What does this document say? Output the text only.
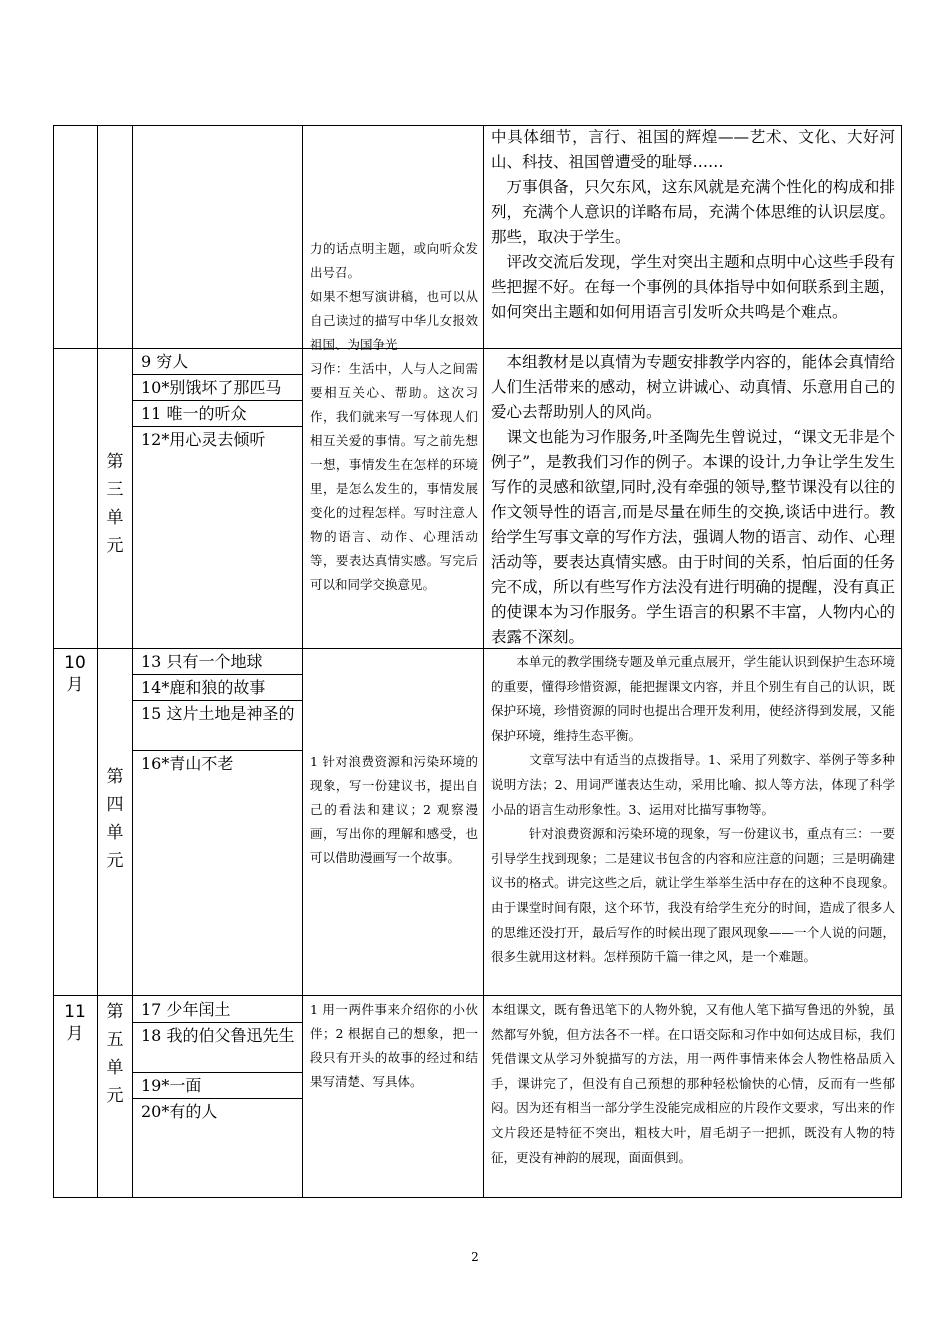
力的话点明主题，或向听众发出号召。
如果不想写演讲稿，也可以从自己读过的描写中华儿女报效祖国、为国争光

中具体细节，言行、祖国的辉煌——艺术、文化、大好河山、科技、祖国曾遭受的耻辱……

　万事俱备，只欠东风，这东风就是充满个性化的构成和排列，充满个人意识的详略布局，充满个体思维的认识层度。 那些，取决于学生。

　评改交流后发现，学生对突出主题和点明中心这些手段有些把握不好。在每一个事例的具体指导中如何联系到主题，如何突出主题和如何用语言引发听众共鸣是个难点。

10月
11月
第三单元
9 穷人
10*别饿坏了那匹马
11 唯一的听众
12*用心灵去倾听
习作：生活中，人与人之间需要相互关心、帮助。这次习作，我们就来写一写体现人们相互关爱的事情。写之前先想一想，事情发生在怎样的环境里，是怎么发生的，事情发展变化的过程怎样。写时注意人物的语言、动作、心理活动等，要表达真情实感。写完后可以和同学交换意见。

　本组教材是以真情为专题安排教学内容的，能体会真情给人们生活带来的感动，树立讲诚心、动真情、乐意用自己的爱心去帮助别人的风尚。

　课文也能为习作服务,叶圣陶先生曾说过，“课文无非是个例子”，是教我们习作的例子。本课的设计,力争让学生发生写作的灵感和欲望,同时,没有牵强的领导,整节课没有以往的作文领导性的语言,而是尽量在师生的交换,谈话中进行。教给学生写事文章的写作方法，强调人物的语言、动作、心理活动等，要表达真情实感。由于时间的关系，怕后面的任务完不成，所以有些写作方法没有进行明确的提醒，没有真正的使课本为习作服务。学生语言的积累不丰富，人物内心的表露不深刻。

第四单元
13 只有一个地球
14*鹿和狼的故事
15 这片土地是神圣的
16*青山不老	1 针对浪费资源和污染环境的现象，写一份建议书，提出自己的看法和建议；2 观察漫画，写出你的理解和感受，也可以借助漫画写一个故事。

　　本单元的教学围绕专题及单元重点展开，学生能认识到保护生态环境的重要，懂得珍惜资源，能把握课文内容，并且个别生有自己的认识，既保护环境，珍惜资源的同时也提出合理开发利用，使经济得到发展，又能保护环境，维持生态平衡。

　　　文章写法中有适当的点拨指导。1、采用了列数字、举例子等多种说明方法；2、用词严谨表达生动，采用比喻、拟人等方法，体现了科学小品的语言生动形象性。3、运用对比描写事物等。

　　　针对浪费资源和污染环境的现象，写一份建议书，重点有三：一要引导学生找到现象；二是建议书包含的内容和应注意的问题；三是明确建议书的格式。讲完这些之后，就让学生举举生活中存在的这种不良现象。由于课堂时间有限，这个环节，我没有给学生充分的时间，造成了很多人的思维还没打开，最后写作的时候出现了跟风现象——一个人说的问题，很多生就用这材料。怎样预防千篇一律之风，是一个难题。

第五单元
17 少年闰土
18 我的伯父鲁迅先生
19*一面
20*有的人
1 用一两件事来介绍你的小伙伴；2 根据自己的想象，把一段只有开头的故事的经过和结果写清楚、写具体。

本组课文，既有鲁迅笔下的人物外貌，又有他人笔下描写鲁迅的外貌，虽然都写外貌，但方法各不一样。在口语交际和习作中如何达成目标，我们凭借课文从学习外貌描写的方法，用一两件事情来体会人物性格品质入手，课讲完了，但没有自己预想的那种轻松愉快的心情，反而有一些郁闷。因为还有相当一部分学生没能完成相应的片段作文要求，写出来的作文片段还是特征不突出，粗枝大叶，眉毛胡子一把抓，既没有人物的特征，更没有神韵的展现，面面俱到。

2
